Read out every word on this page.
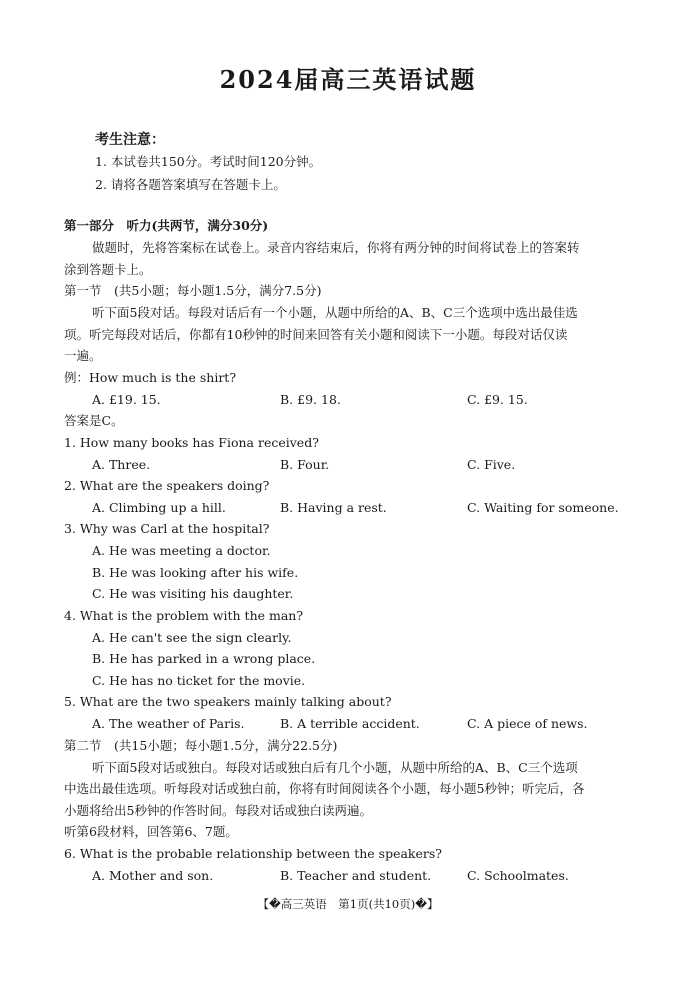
2024届高三英语试题
考生注意：
1. 本试卷共150分。考试时间120分钟。
2. 请将各题答案填写在答题卡上。
第一部分　听力(共两节，满分30分)
做题时，先将答案标在试卷上。录音内容结束后，你将有两分钟的时间将试卷上的答案转
涂到答题卡上。
第一节　(共5小题；每小题1.5分，满分7.5分)
听下面5段对话。每段对话后有一个小题，从题中所给的A、B、C三个选项中选出最佳选
项。听完每段对话后，你都有10秒钟的时间来回答有关小题和阅读下一小题。每段对话仅读
一遍。
例：How much is the shirt?
A. £19. 15.	B. £9. 18.	C. £9. 15.
答案是C。
1. How many books has Fiona received?
A. Three.	B. Four.	C. Five.
2. What are the speakers doing?
A. Climbing up a hill.	B. Having a rest.	C. Waiting for someone.
3. Why was Carl at the hospital?
A. He was meeting a doctor.
B. He was looking after his wife.
C. He was visiting his daughter.
4. What is the problem with the man?
A. He can't see the sign clearly.
B. He has parked in a wrong place.
C. He has no ticket for the movie.
5. What are the two speakers mainly talking about?
A. The weather of Paris.	B. A terrible accident.	C. A piece of news.
第二节　(共15小题；每小题1.5分，满分22.5分)
听下面5段对话或独白。每段对话或独白后有几个小题，从题中所给的A、B、C三个选项
中选出最佳选项。听每段对话或独白前，你将有时间阅读各个小题，每小题5秒钟；听完后，各
小题将给出5秒钟的作答时间。每段对话或独白读两遍。
听第6段材料，回答第6、7题。
6. What is the probable relationship between the speakers?
A. Mother and son.	B. Teacher and student.	C. Schoolmates.
【�高三英语　第1页(共10页)�】
